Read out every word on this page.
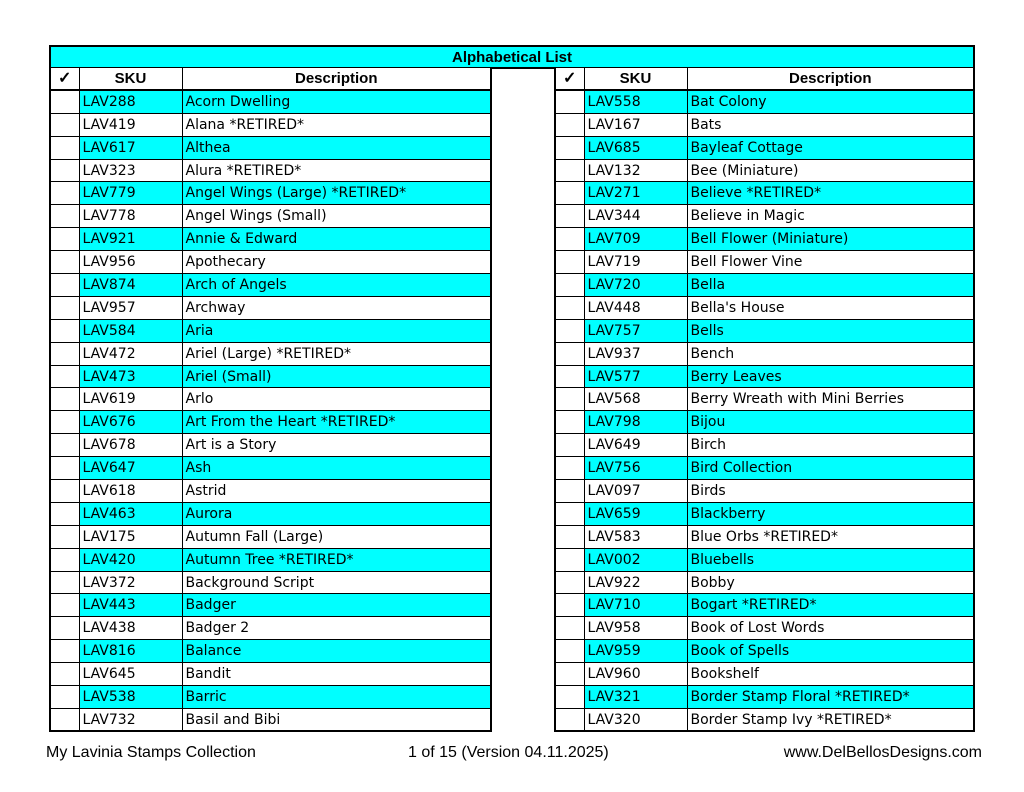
Alphabetical List
✓	SKU	Description
	LAV288	Acorn Dwelling
	LAV419	Alana *RETIRED*
	LAV617	Althea
	LAV323	Alura *RETIRED*
	LAV779	Angel Wings (Large) *RETIRED*
	LAV778	Angel Wings (Small)
	LAV921	Annie & Edward
	LAV956	Apothecary
	LAV874	Arch of Angels
	LAV957	Archway
	LAV584	Aria
	LAV472	Ariel (Large) *RETIRED*
	LAV473	Ariel (Small)
	LAV619	Arlo
	LAV676	Art From the Heart *RETIRED*
	LAV678	Art is a Story
	LAV647	Ash
	LAV618	Astrid
	LAV463	Aurora
	LAV175	Autumn Fall (Large)
	LAV420	Autumn Tree *RETIRED*
	LAV372	Background Script
	LAV443	Badger
	LAV438	Badger 2
	LAV816	Balance
	LAV645	Bandit
	LAV538	Barric
	LAV732	Basil and Bibi
✓	SKU	Description
	LAV558	Bat Colony
	LAV167	Bats
	LAV685	Bayleaf Cottage
	LAV132	Bee (Miniature)
	LAV271	Believe *RETIRED*
	LAV344	Believe in Magic
	LAV709	Bell Flower (Miniature)
	LAV719	Bell Flower Vine
	LAV720	Bella
	LAV448	Bella's House
	LAV757	Bells
	LAV937	Bench
	LAV577	Berry Leaves
	LAV568	Berry Wreath with Mini Berries
	LAV798	Bijou
	LAV649	Birch
	LAV756	Bird Collection
	LAV097	Birds
	LAV659	Blackberry
	LAV583	Blue Orbs *RETIRED*
	LAV002	Bluebells
	LAV922	Bobby
	LAV710	Bogart *RETIRED*
	LAV958	Book of Lost Words
	LAV959	Book of Spells
	LAV960	Bookshelf
	LAV321	Border Stamp Floral *RETIRED*
	LAV320	Border Stamp Ivy *RETIRED*
My Lavinia Stamps Collection	1 of 15 (Version 04.11.2025)	www.DelBellosDesigns.com
